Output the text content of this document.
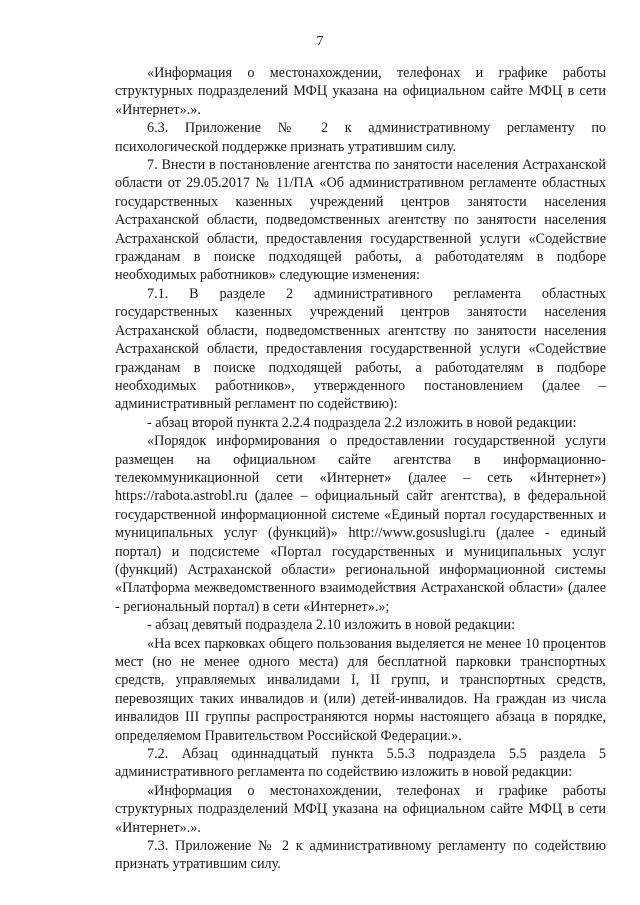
7

«Информация о местонахождении, телефонах и графике работы структурных подразделений МФЦ указана на официальном сайте МФЦ в сети «Интернет».».

6.3. Приложение № 2 к административному регламенту по психологической поддержке признать утратившим силу.

7. Внести в постановление агентства по занятости населения Астраханской области от 29.05.2017 № 11/ПА «Об административном регламенте областных государственных казенных учреждений центров занятости населения Астраханской области, подведомственных агентству по занятости населения Астраханской области, предоставления государственной услуги «Содействие гражданам в поиске подходящей работы, а работодателям в подборе необходимых работников» следующие изменения:

7.1. В разделе 2 административного регламента областных государственных казенных учреждений центров занятости населения Астраханской области, подведомственных агентству по занятости населения Астраханской области, предоставления государственной услуги «Содействие гражданам в поиске подходящей работы, а работодателям в подборе необходимых работников», утвержденного постановлением (далее – административный регламент по содействию):

- абзац второй пункта 2.2.4 подраздела 2.2 изложить в новой редакции:

«Порядок информирования о предоставлении государственной услуги размещен на официальном сайте агентства в информационно-телекоммуникационной сети «Интернет» (далее – сеть «Интернет») https://rabota.astrobl.ru (далее – официальный сайт агентства), в федеральной государственной информационной системе «Единый портал государственных и муниципальных услуг (функций)» http://www.gosuslugi.ru (далее - единый портал) и подсистеме «Портал государственных и муниципальных услуг (функций) Астраханской области» региональной информационной системы «Платформа межведомственного взаимодействия Астраханской области» (далее - региональный портал) в сети «Интернет».»;

- абзац девятый подраздела 2.10 изложить в новой редакции:

«На всех парковках общего пользования выделяется не менее 10 процентов мест (но не менее одного места) для бесплатной парковки транспортных средств, управляемых инвалидами I, II групп, и транспортных средств, перевозящих таких инвалидов и (или) детей-инвалидов. На граждан из числа инвалидов III группы распространяются нормы настоящего абзаца в порядке, определяемом Правительством Российской Федерации.».

7.2. Абзац одиннадцатый пункта 5.5.3 подраздела 5.5 раздела 5 административного регламента по содействию изложить в новой редакции:

«Информация о местонахождении, телефонах и графике работы структурных подразделений МФЦ указана на официальном сайте МФЦ в сети «Интернет».».

7.3. Приложение № 2 к административному регламенту по содействию признать утратившим силу.
